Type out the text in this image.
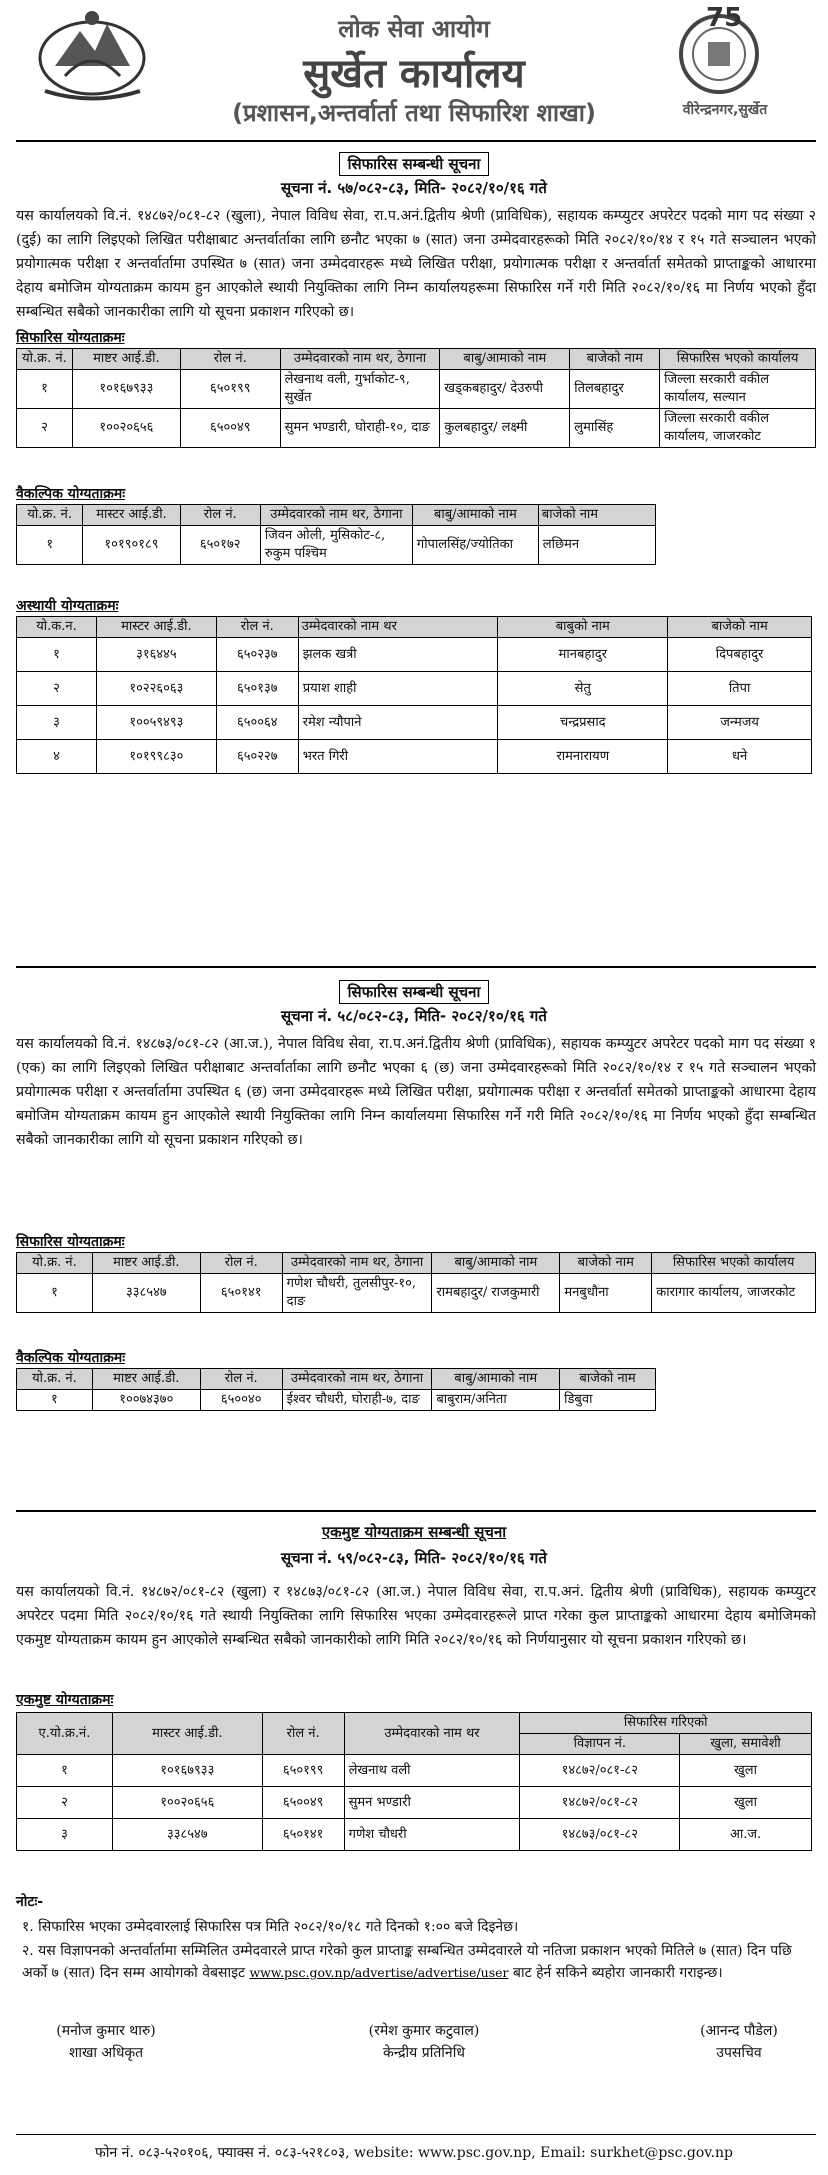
लोक सेवा आयोग
सुर्खेत कार्यालय
(प्रशासन,अन्तर्वार्ता तथा सिफारिश शाखा)
75
वीरेन्द्रनगर,सुर्खेत
सिफारिस सम्बन्धी सूचना
सूचना नं. ५७/०८२-८३, मिति- २०८२/१०/१६ गते
यस कार्यालयको वि.नं. १४८७२/०८१-८२ (खुला), नेपाल विविध सेवा, रा.प.अनं.द्वितीय श्रेणी (प्राविधिक), सहायक कम्प्युटर अपरेटर पदको माग पद संख्या २ (दुई) का लागि लिइएको लिखित परीक्षाबाट अन्तर्वार्ताका लागि छनौट भएका ७ (सात) जना उम्मेदवारहरूको मिति २०८२/१०/१४ र १५ गते सञ्चालन भएको प्रयोगात्मक परीक्षा र अन्तर्वार्तामा उपस्थित ७ (सात) जना उम्मेदवारहरू मध्ये लिखित परीक्षा, प्रयोगात्मक परीक्षा र अन्तर्वार्ता समेतको प्राप्ताङ्कको आधारमा देहाय बमोजिम योग्यताक्रम कायम हुन आएकोले स्थायी नियुक्तिका लागि निम्न कार्यालयहरूमा सिफारिस गर्ने गरी मिति २०८२/१०/१६ मा निर्णय भएको हुँदा सम्बन्धित सबैको जानकारीका लागि यो सूचना प्रकाशन गरिएको छ।
सिफारिस योग्यताक्रमः
यो.क्र. नं.	माष्टर आई.डी.	रोल नं.	उम्मेदवारको नाम थर, ठेगाना	बाबु/आमाको नाम	बाजेको नाम	सिफारिस भएको कार्यालय
१	१०१६७९३३	६५०१९९	लेखनाथ वली, गुर्भाकोट-९, सुर्खेत	खड्कबहादुर/ देउरुपी	तिलबहादुर	जिल्ला सरकारी वकील कार्यालय, सल्यान
२	१००२०६५६	६५००४९	सुमन भण्डारी, घोराही-१०, दाङ	कुलबहादुर/ लक्ष्मी	लुमासिंह	जिल्ला सरकारी वकील कार्यालय, जाजरकोट
वैकल्पिक योग्यताक्रमः
यो.क्र. नं.	मास्टर आई.डी.	रोल नं.	उम्मेदवारको नाम थर, ठेगाना	बाबु/आमाको नाम	बाजेको नाम
१	१०१९०१८९	६५०१७२	जिवन ओली, मुसिकोट-८, रुकुम पश्चिम	गोपालसिंह/ज्योतिका	लछिमन
अस्थायी योग्यताक्रमः
यो.क.न.	मास्टर आई.डी.	रोल नं.	उम्मेदवारको नाम थर	बाबुको नाम	बाजेको नाम
१	३१६४४५	६५०२३७	झलक खत्री	मानबहादुर	दिपबहादुर
२	१०२२६०६३	६५०१३७	प्रयाश शाही	सेतु	तिपा
३	१००५९४९३	६५००६४	रमेश न्यौपाने	चन्द्रप्रसाद	जन्मजय
४	१०१९९८३०	६५०२२७	भरत गिरी	रामनारायण	धने
सिफारिस सम्बन्धी सूचना
सूचना नं. ५८/०८२-८३, मिति- २०८२/१०/१६ गते
यस कार्यालयको वि.नं. १४८७३/०८१-८२ (आ.ज.), नेपाल विविध सेवा, रा.प.अनं.द्वितीय श्रेणी (प्राविधिक), सहायक कम्प्युटर अपरेटर पदको माग पद संख्या १ (एक) का लागि लिइएको लिखित परीक्षाबाट अन्तर्वार्ताका लागि छनौट भएका ६ (छ) जना उम्मेदवारहरूको मिति २०८२/१०/१४ र १५ गते सञ्चालन भएको प्रयोगात्मक परीक्षा र अन्तर्वार्तामा उपस्थित ६ (छ) जना उम्मेदवारहरू मध्ये लिखित परीक्षा, प्रयोगात्मक परीक्षा र अन्तर्वार्ता समेतको प्राप्ताङ्कको आधारमा देहाय बमोजिम योग्यताक्रम कायम हुन आएकोले स्थायी नियुक्तिका लागि निम्न कार्यालयमा सिफारिस गर्ने गरी मिति २०८२/१०/१६ मा निर्णय भएको हुँदा सम्बन्धित सबैको जानकारीका लागि यो सूचना प्रकाशन गरिएको छ।
सिफारिस योग्यताक्रमः
यो.क्र. नं.	माष्टर आई.डी.	रोल नं.	उम्मेदवारको नाम थर, ठेगाना	बाबु/आमाको नाम	बाजेको नाम	सिफारिस भएको कार्यालय
१	३३८५४७	६५०१४१	गणेश चौधरी, तुलसीपुर-१०, दाङ	रामबहादुर/ राजकुमारी	मनबुधौना	कारागार कार्यालय, जाजरकोट
वैकल्पिक योग्यताक्रमः
यो.क्र. नं.	माष्टर आई.डी.	रोल नं.	उम्मेदवारको नाम थर, ठेगाना	बाबु/आमाको नाम	बाजेको नाम
१	१००७४३७०	६५००४०	ईश्वर चौधरी, घोराही-७, दाङ	बाबुराम/अनिता	डिबुवा
एकमुष्ट योग्यताक्रम सम्बन्धी सूचना
सूचना नं. ५९/०८२-८३, मिति- २०८२/१०/१६ गते
यस कार्यालयको वि.नं. १४८७२/०८१-८२ (खुला) र १४८७३/०८१-८२ (आ.ज.) नेपाल विविध सेवा, रा.प.अनं. द्वितीय श्रेणी (प्राविधिक), सहायक कम्प्युटर अपरेटर पदमा मिति २०८२/१०/१६ गते स्थायी नियुक्तिका लागि सिफारिस भएका उम्मेदवारहरूले प्राप्त गरेका कुल प्राप्ताङ्कको आधारमा देहाय बमोजिमको एकमुष्ट योग्यताक्रम कायम हुन आएकोले सम्बन्धित सबैको जानकारीको लागि मिति २०८२/१०/१६ को निर्णयानुसार यो सूचना प्रकाशन गरिएको छ।
एकमुष्ट योग्यताक्रमः
ए.यो.क्र.नं.	मास्टर आई.डी.	रोल नं.	उम्मेदवारको नाम थर	सिफारिस गरिएको	
				विज्ञापन नं.	खुला, समावेशी
१	१०१६७९३३	६५०१९९	लेखनाथ वली	१४८७२/०८१-८२	खुला
२	१००२०६५६	६५००४९	सुमन भण्डारी	१४८७२/०८१-८२	खुला
३	३३८५४७	६५०१४१	गणेश चौधरी	१४८७३/०८१-८२	आ.ज.
नोटः-
१. सिफारिस भएका उम्मेदवारलाई सिफारिस पत्र मिति २०८२/१०/१८ गते दिनको १:०० बजे दिइनेछ।
२. यस विज्ञापनको अन्तर्वार्तामा सम्मिलित उम्मेदवारले प्राप्त गरेको कुल प्राप्ताङ्क सम्बन्धित उम्मेदवारले यो नतिजा प्रकाशन भएको मितिले ७ (सात) दिन पछि अर्को ७ (सात) दिन सम्म आयोगको वेबसाइट www.psc.gov.np/advertise/advertise/user बाट हेर्न सकिने ब्यहोरा जानकारी गराइन्छ।
(मनोज कुमार थारु)
शाखा अधिकृत
(रमेश कुमार कटुवाल)
केन्द्रीय प्रतिनिधि
(आनन्द पौडेल)
उपसचिव
फोन नं. ०८३-५२०१०६, फ्याक्स नं. ०८३-५२१८०३, website: www.psc.gov.np, Email: surkhet@psc.gov.np
